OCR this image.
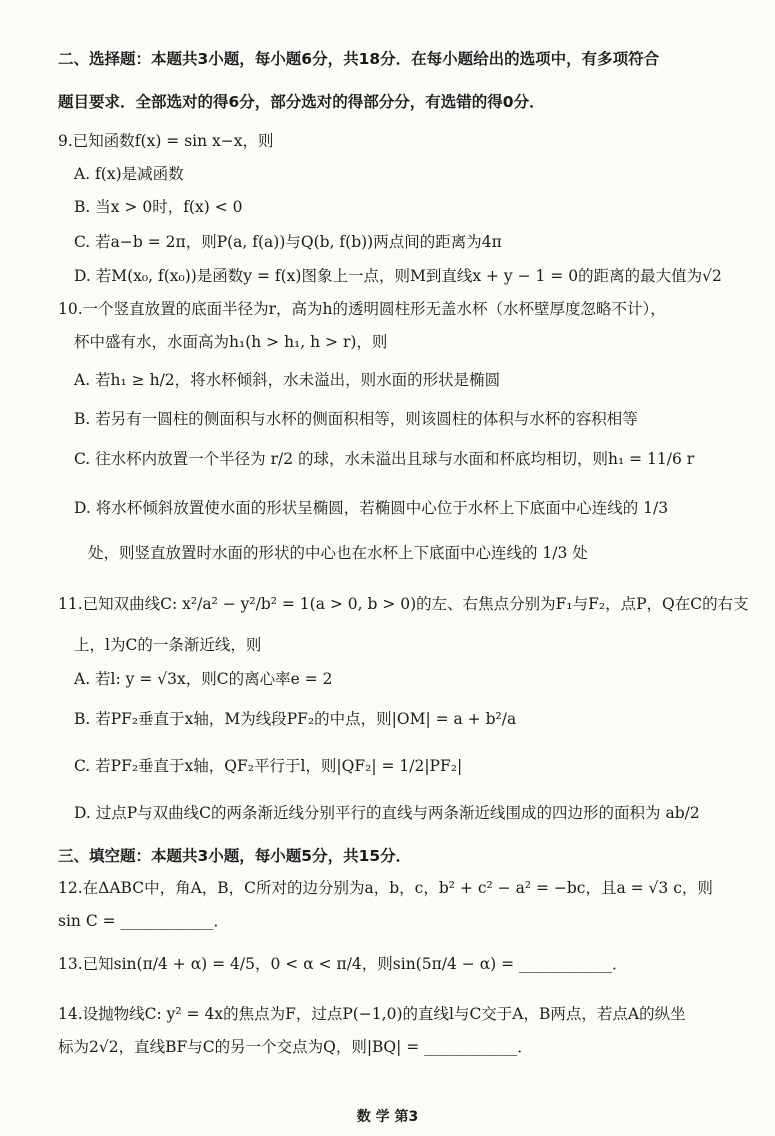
二、选择题：本题共3小题，每小题6分，共18分．在每小题给出的选项中，有多项符合
题目要求．全部选对的得6分，部分选对的得部分分，有选错的得0分．
9.已知函数f(x) = sin x−x，则
A. f(x)是减函数
B. 当x > 0时，f(x) < 0
C. 若a−b = 2π，则P(a, f(a))与Q(b, f(b))两点间的距离为4π
D. 若M(x₀, f(x₀))是函数y = f(x)图象上一点，则M到直线x + y − 1 = 0的距离的最大值为√2
10.一个竖直放置的底面半径为r，高为h的透明圆柱形无盖水杯（水杯壁厚度忽略不计），
杯中盛有水，水面高为h₁(h > h₁, h > r)，则
A. 若h₁ ≥ h/2，将水杯倾斜，水未溢出，则水面的形状是椭圆
B. 若另有一圆柱的侧面积与水杯的侧面积相等，则该圆柱的体积与水杯的容积相等
C. 往水杯内放置一个半径为 r/2 的球，水未溢出且球与水面和杯底均相切，则h₁ = 11/6 r
D. 将水杯倾斜放置使水面的形状呈椭圆，若椭圆中心位于水杯上下底面中心连线的 1/3
处，则竖直放置时水面的形状的中心也在水杯上下底面中心连线的 1/3 处
11.已知双曲线C: x²/a² − y²/b² = 1(a > 0, b > 0)的左、右焦点分别为F₁与F₂，点P，Q在C的右支
上，l为C的一条渐近线，则
A. 若l: y = √3x，则C的离心率e = 2
B. 若PF₂垂直于x轴，M为线段PF₂的中点，则|OM| = a + b²/a
C. 若PF₂垂直于x轴，QF₂平行于l，则|QF₂| = 1/2|PF₂|
D. 过点P与双曲线C的两条渐近线分别平行的直线与两条渐近线围成的四边形的面积为 ab/2
三、填空题：本题共3小题，每小题5分，共15分．
12.在ΔABC中，角A，B，C所对的边分别为a，b，c，b² + c² − a² = −bc，且a = √3 c，则
sin C = ____________．
13.已知sin(π/4 + α) = 4/5，0 < α < π/4，则sin(5π/4 − α) = ____________．
14.设抛物线C: y² = 4x的焦点为F，过点P(−1,0)的直线l与C交于A，B两点，若点A的纵坐
标为2√2，直线BF与C的另一个交点为Q，则|BQ| = ____________．
数 学 第3
